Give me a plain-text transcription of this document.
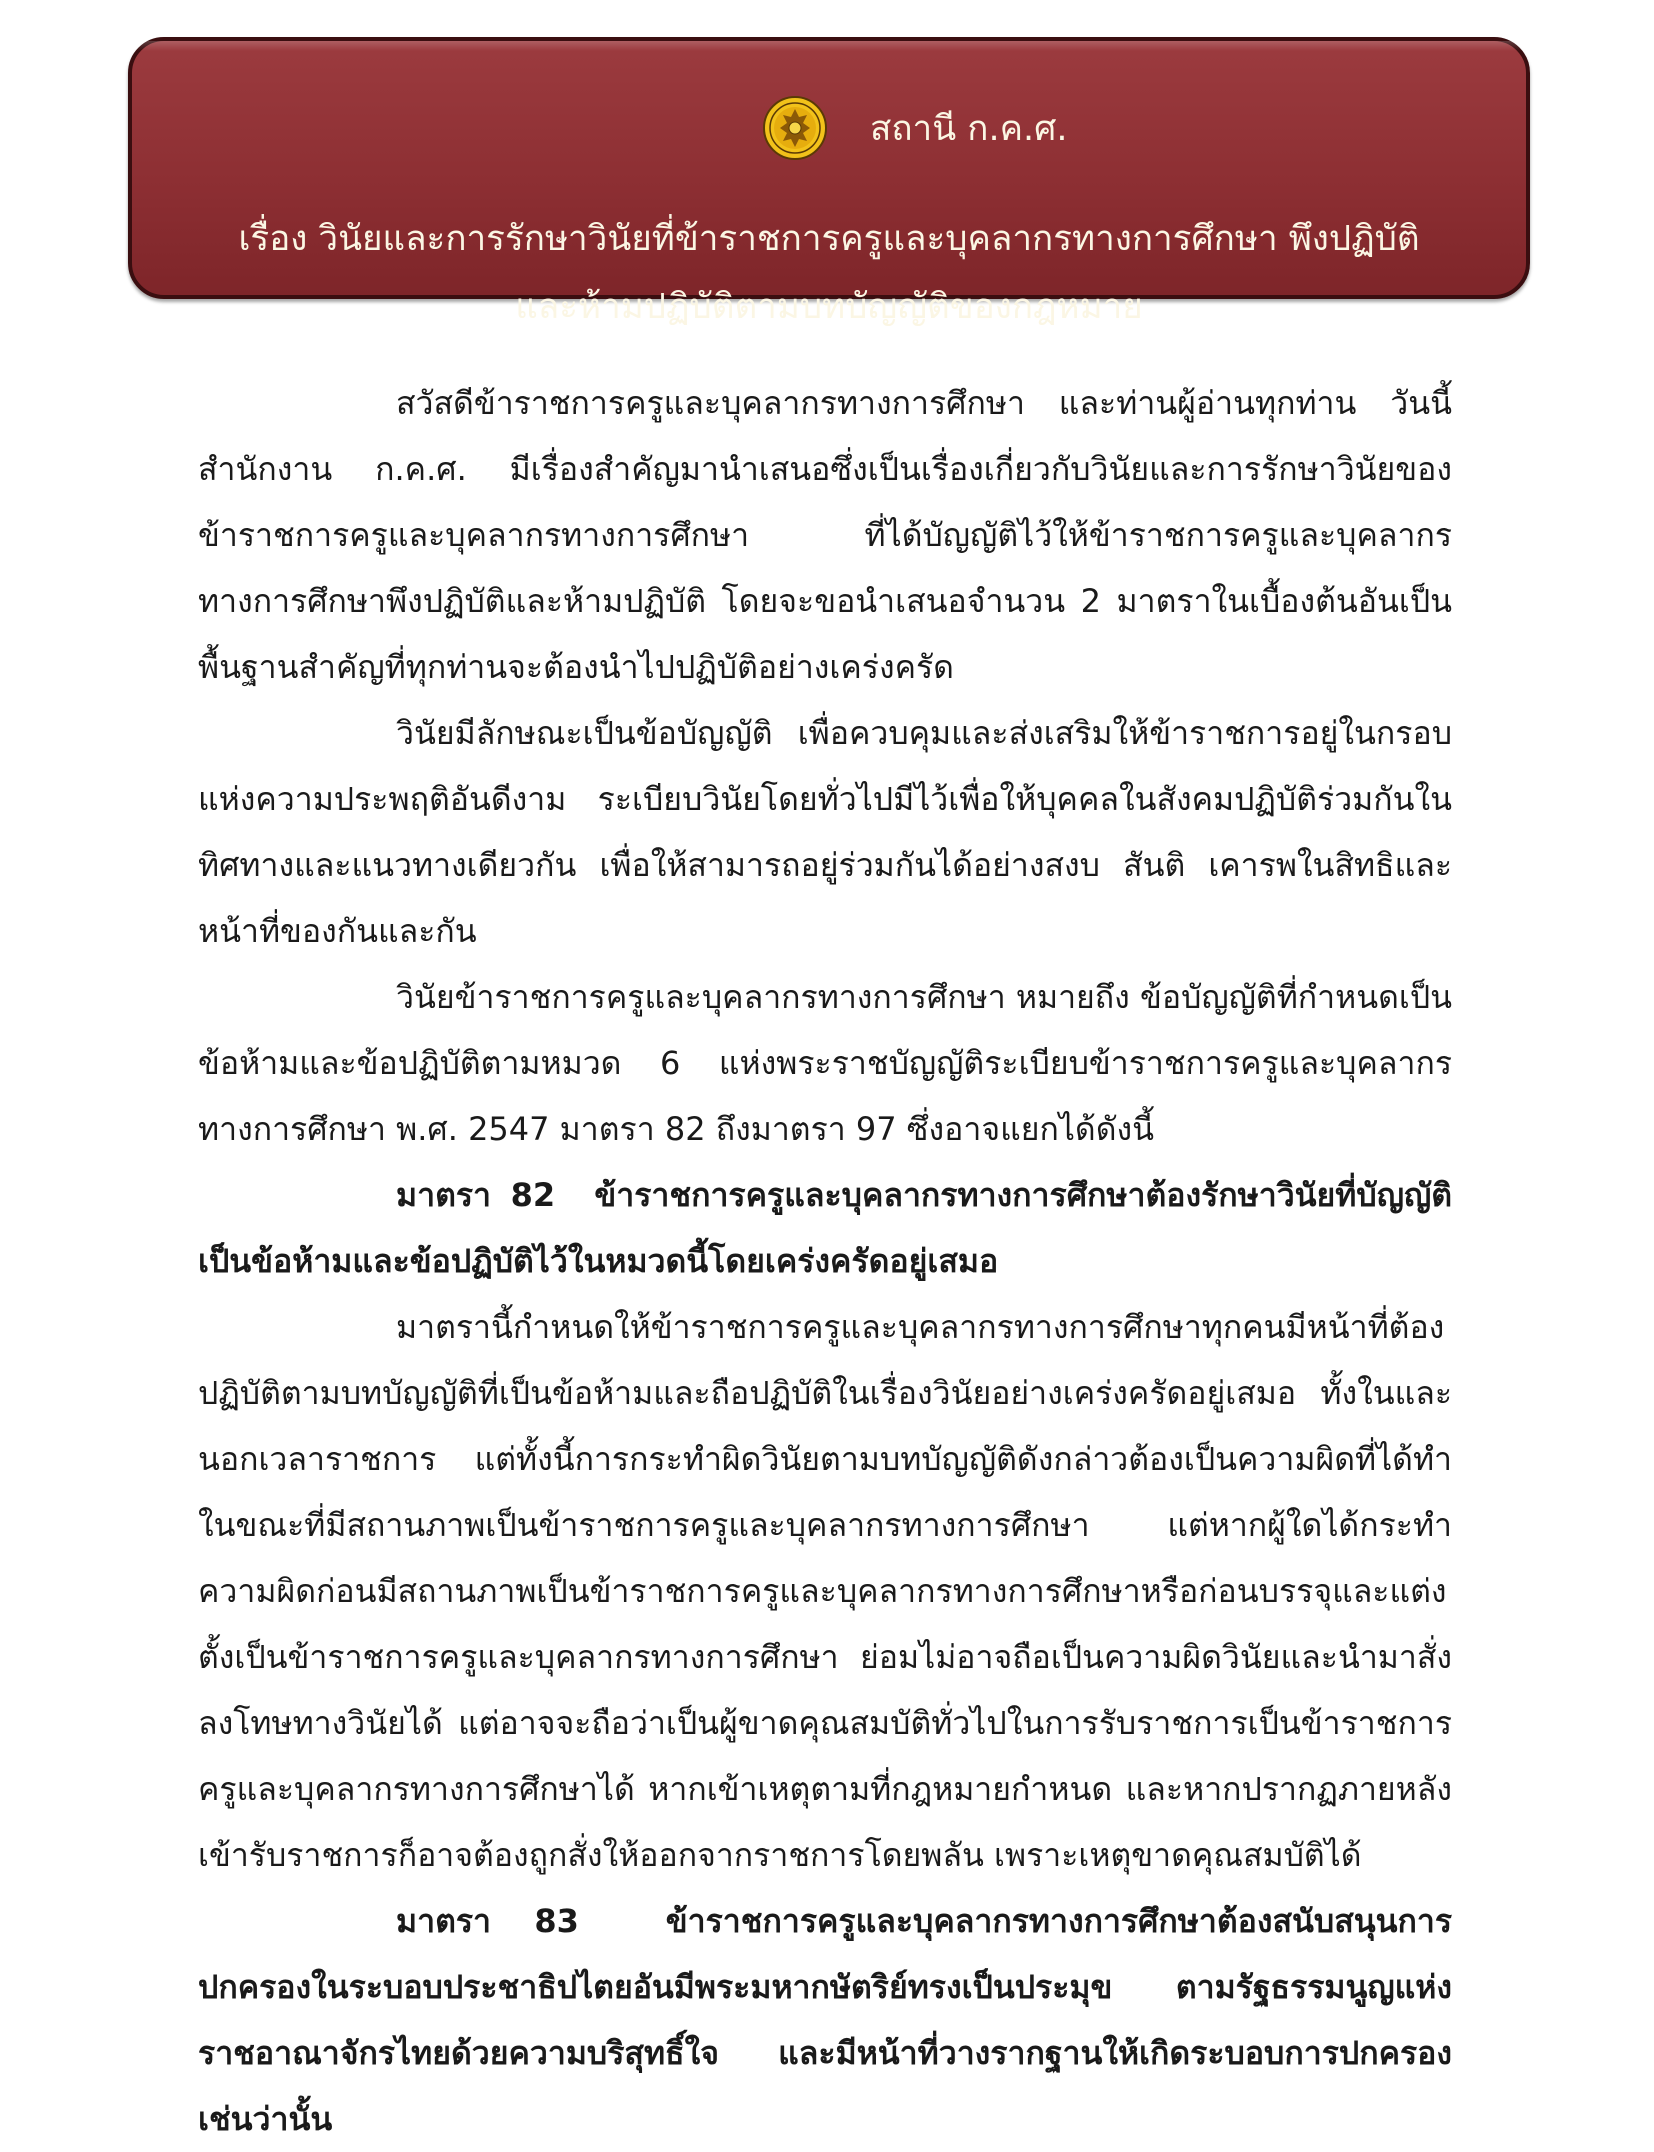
สถานี ก.ค.ศ.
เรื่อง วินัยและการรักษาวินัยที่ข้าราชการครูและบุคลากรทางการศึกษา พึงปฏิบัติ
และห้ามปฏิบัติตามบทบัญญัติของกฎหมาย

สวัสดีข้าราชการครูและบุคลากรทางการศึกษา และท่านผู้อ่านทุกท่าน วันนี้สำนักงาน ก.ค.ศ. มีเรื่องสำคัญมานำเสนอซึ่งเป็นเรื่องเกี่ยวกับวินัยและการรักษาวินัยของข้าราชการครูและบุคลากรทางการศึกษา ที่ได้บัญญัติไว้ให้ข้าราชการครูและบุคลากรทางการศึกษาพึงปฏิบัติและห้ามปฏิบัติ โดยจะขอนำเสนอจำนวน 2 มาตราในเบื้องต้นอันเป็นพื้นฐานสำคัญที่ทุกท่านจะต้องนำไปปฏิบัติอย่างเคร่งครัด

วินัยมีลักษณะเป็นข้อบัญญัติ เพื่อควบคุมและส่งเสริมให้ข้าราชการอยู่ในกรอบแห่งความประพฤติอันดีงาม ระเบียบวินัยโดยทั่วไปมีไว้เพื่อให้บุคคลในสังคมปฏิบัติร่วมกันในทิศทางและแนวทางเดียวกัน เพื่อให้สามารถอยู่ร่วมกันได้อย่างสงบ สันติ เคารพในสิทธิและหน้าที่ของกันและกัน

วินัยข้าราชการครูและบุคลากรทางการศึกษา หมายถึง ข้อบัญญัติที่กำหนดเป็นข้อห้ามและข้อปฏิบัติตามหมวด 6 แห่งพระราชบัญญัติระเบียบข้าราชการครูและบุคลากรทางการศึกษา พ.ศ. 2547 มาตรา 82 ถึงมาตรา 97 ซึ่งอาจแยกได้ดังนี้

มาตรา 82 ข้าราชการครูและบุคลากรทางการศึกษาต้องรักษาวินัยที่บัญญัติเป็นข้อห้ามและข้อปฏิบัติไว้ในหมวดนี้โดยเคร่งครัดอยู่เสมอ

มาตรานี้กำหนดให้ข้าราชการครูและบุคลากรทางการศึกษาทุกคนมีหน้าที่ต้องปฏิบัติตามบทบัญญัติที่เป็นข้อห้ามและถือปฏิบัติในเรื่องวินัยอย่างเคร่งครัดอยู่เสมอ ทั้งในและนอกเวลาราชการ แต่ทั้งนี้การกระทำผิดวินัยตามบทบัญญัติดังกล่าวต้องเป็นความผิดที่ได้ทำในขณะที่มีสถานภาพเป็นข้าราชการครูและบุคลากรทางการศึกษา แต่หากผู้ใดได้กระทำความผิดก่อนมีสถานภาพเป็นข้าราชการครูและบุคลากรทางการศึกษาหรือก่อนบรรจุและแต่งตั้งเป็นข้าราชการครูและบุคลากรทางการศึกษา ย่อมไม่อาจถือเป็นความผิดวินัยและนำมาสั่งลงโทษทางวินัยได้ แต่อาจจะถือว่าเป็นผู้ขาดคุณสมบัติทั่วไปในการรับราชการเป็นข้าราชการครูและบุคลากรทางการศึกษาได้ หากเข้าเหตุตามที่กฎหมายกำหนด และหากปรากฏภายหลังเข้ารับราชการก็อาจต้องถูกสั่งให้ออกจากราชการโดยพลัน เพราะเหตุขาดคุณสมบัติได้

มาตรา 83	ข้าราชการครูและบุคลากรทางการศึกษาต้องสนับสนุนการปกครองในระบอบประชาธิปไตยอันมีพระมหากษัตริย์ทรงเป็นประมุข ตามรัฐธรรมนูญแห่งราชอาณาจักรไทยด้วยความบริสุทธิ์ใจ และมีหน้าที่วางรากฐานให้เกิดระบอบการปกครองเช่นว่านั้น
